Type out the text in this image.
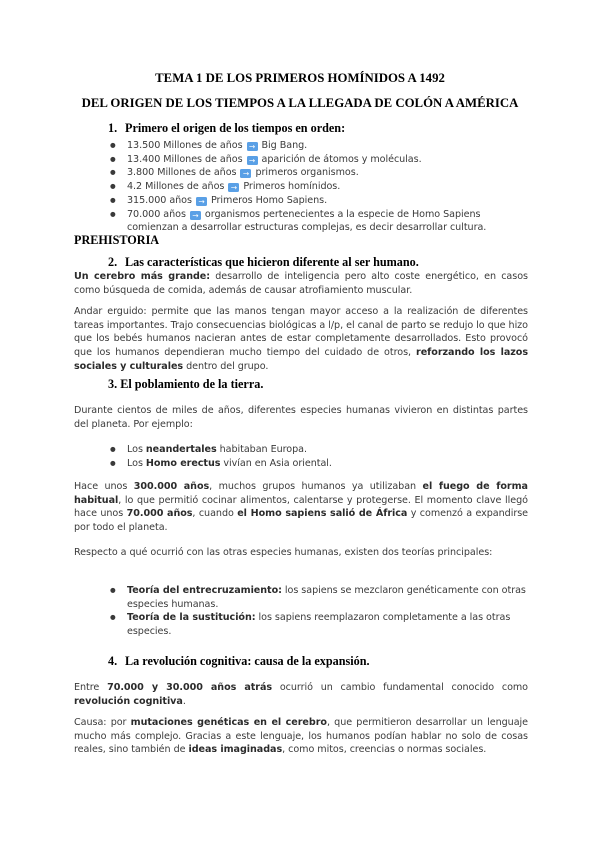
TEMA 1 DE LOS PRIMEROS HOMÍNIDOS A 1492
DEL ORIGEN DE LOS TIEMPOS A LA LLEGADA DE COLÓN A AMÉRICA
1. Primero el origen de los tiempos en orden:
● 13.500 Millones de años → Big Bang.
● 13.400 Millones de años → aparición de átomos y moléculas.
● 3.800 Millones de años → primeros organismos.
● 4.2 Millones de años → Primeros homínidos.
● 315.000 años → Primeros Homo Sapiens.
● 70.000 años → organismos pertenecientes a la especie de Homo Sapiens comienzan a desarrollar estructuras complejas, es decir desarrollar cultura.
PREHISTORIA
2. Las características que hicieron diferente al ser humano.
Un cerebro más grande: desarrollo de inteligencia pero alto coste energético, en casos como búsqueda de comida, además de causar atrofiamiento muscular.
Andar erguido: permite que las manos tengan mayor acceso a la realización de diferentes tareas importantes. Trajo consecuencias biológicas a l/p, el canal de parto se redujo lo que hizo que los bebés humanos nacieran antes de estar completamente desarrollados. Esto provocó que los humanos dependieran mucho tiempo del cuidado de otros, reforzando los lazos sociales y culturales dentro del grupo.
3. El poblamiento de la tierra.
Durante cientos de miles de años, diferentes especies humanas vivieron en distintas partes del planeta. Por ejemplo:
● Los neandertales habitaban Europa.
● Los Homo erectus vivían en Asia oriental.
Hace unos 300.000 años, muchos grupos humanos ya utilizaban el fuego de forma habitual, lo que permitió cocinar alimentos, calentarse y protegerse. El momento clave llegó hace unos 70.000 años, cuando el Homo sapiens salió de África y comenzó a expandirse por todo el planeta.
Respecto a qué ocurrió con las otras especies humanas, existen dos teorías principales:
● Teoría del entrecruzamiento: los sapiens se mezclaron genéticamente con otras especies humanas.
● Teoría de la sustitución: los sapiens reemplazaron completamente a las otras especies.
4. La revolución cognitiva: causa de la expansión.
Entre 70.000 y 30.000 años atrás ocurrió un cambio fundamental conocido como revolución cognitiva.
Causa: por mutaciones genéticas en el cerebro, que permitieron desarrollar un lenguaje mucho más complejo. Gracias a este lenguaje, los humanos podían hablar no solo de cosas reales, sino también de ideas imaginadas, como mitos, creencias o normas sociales.
